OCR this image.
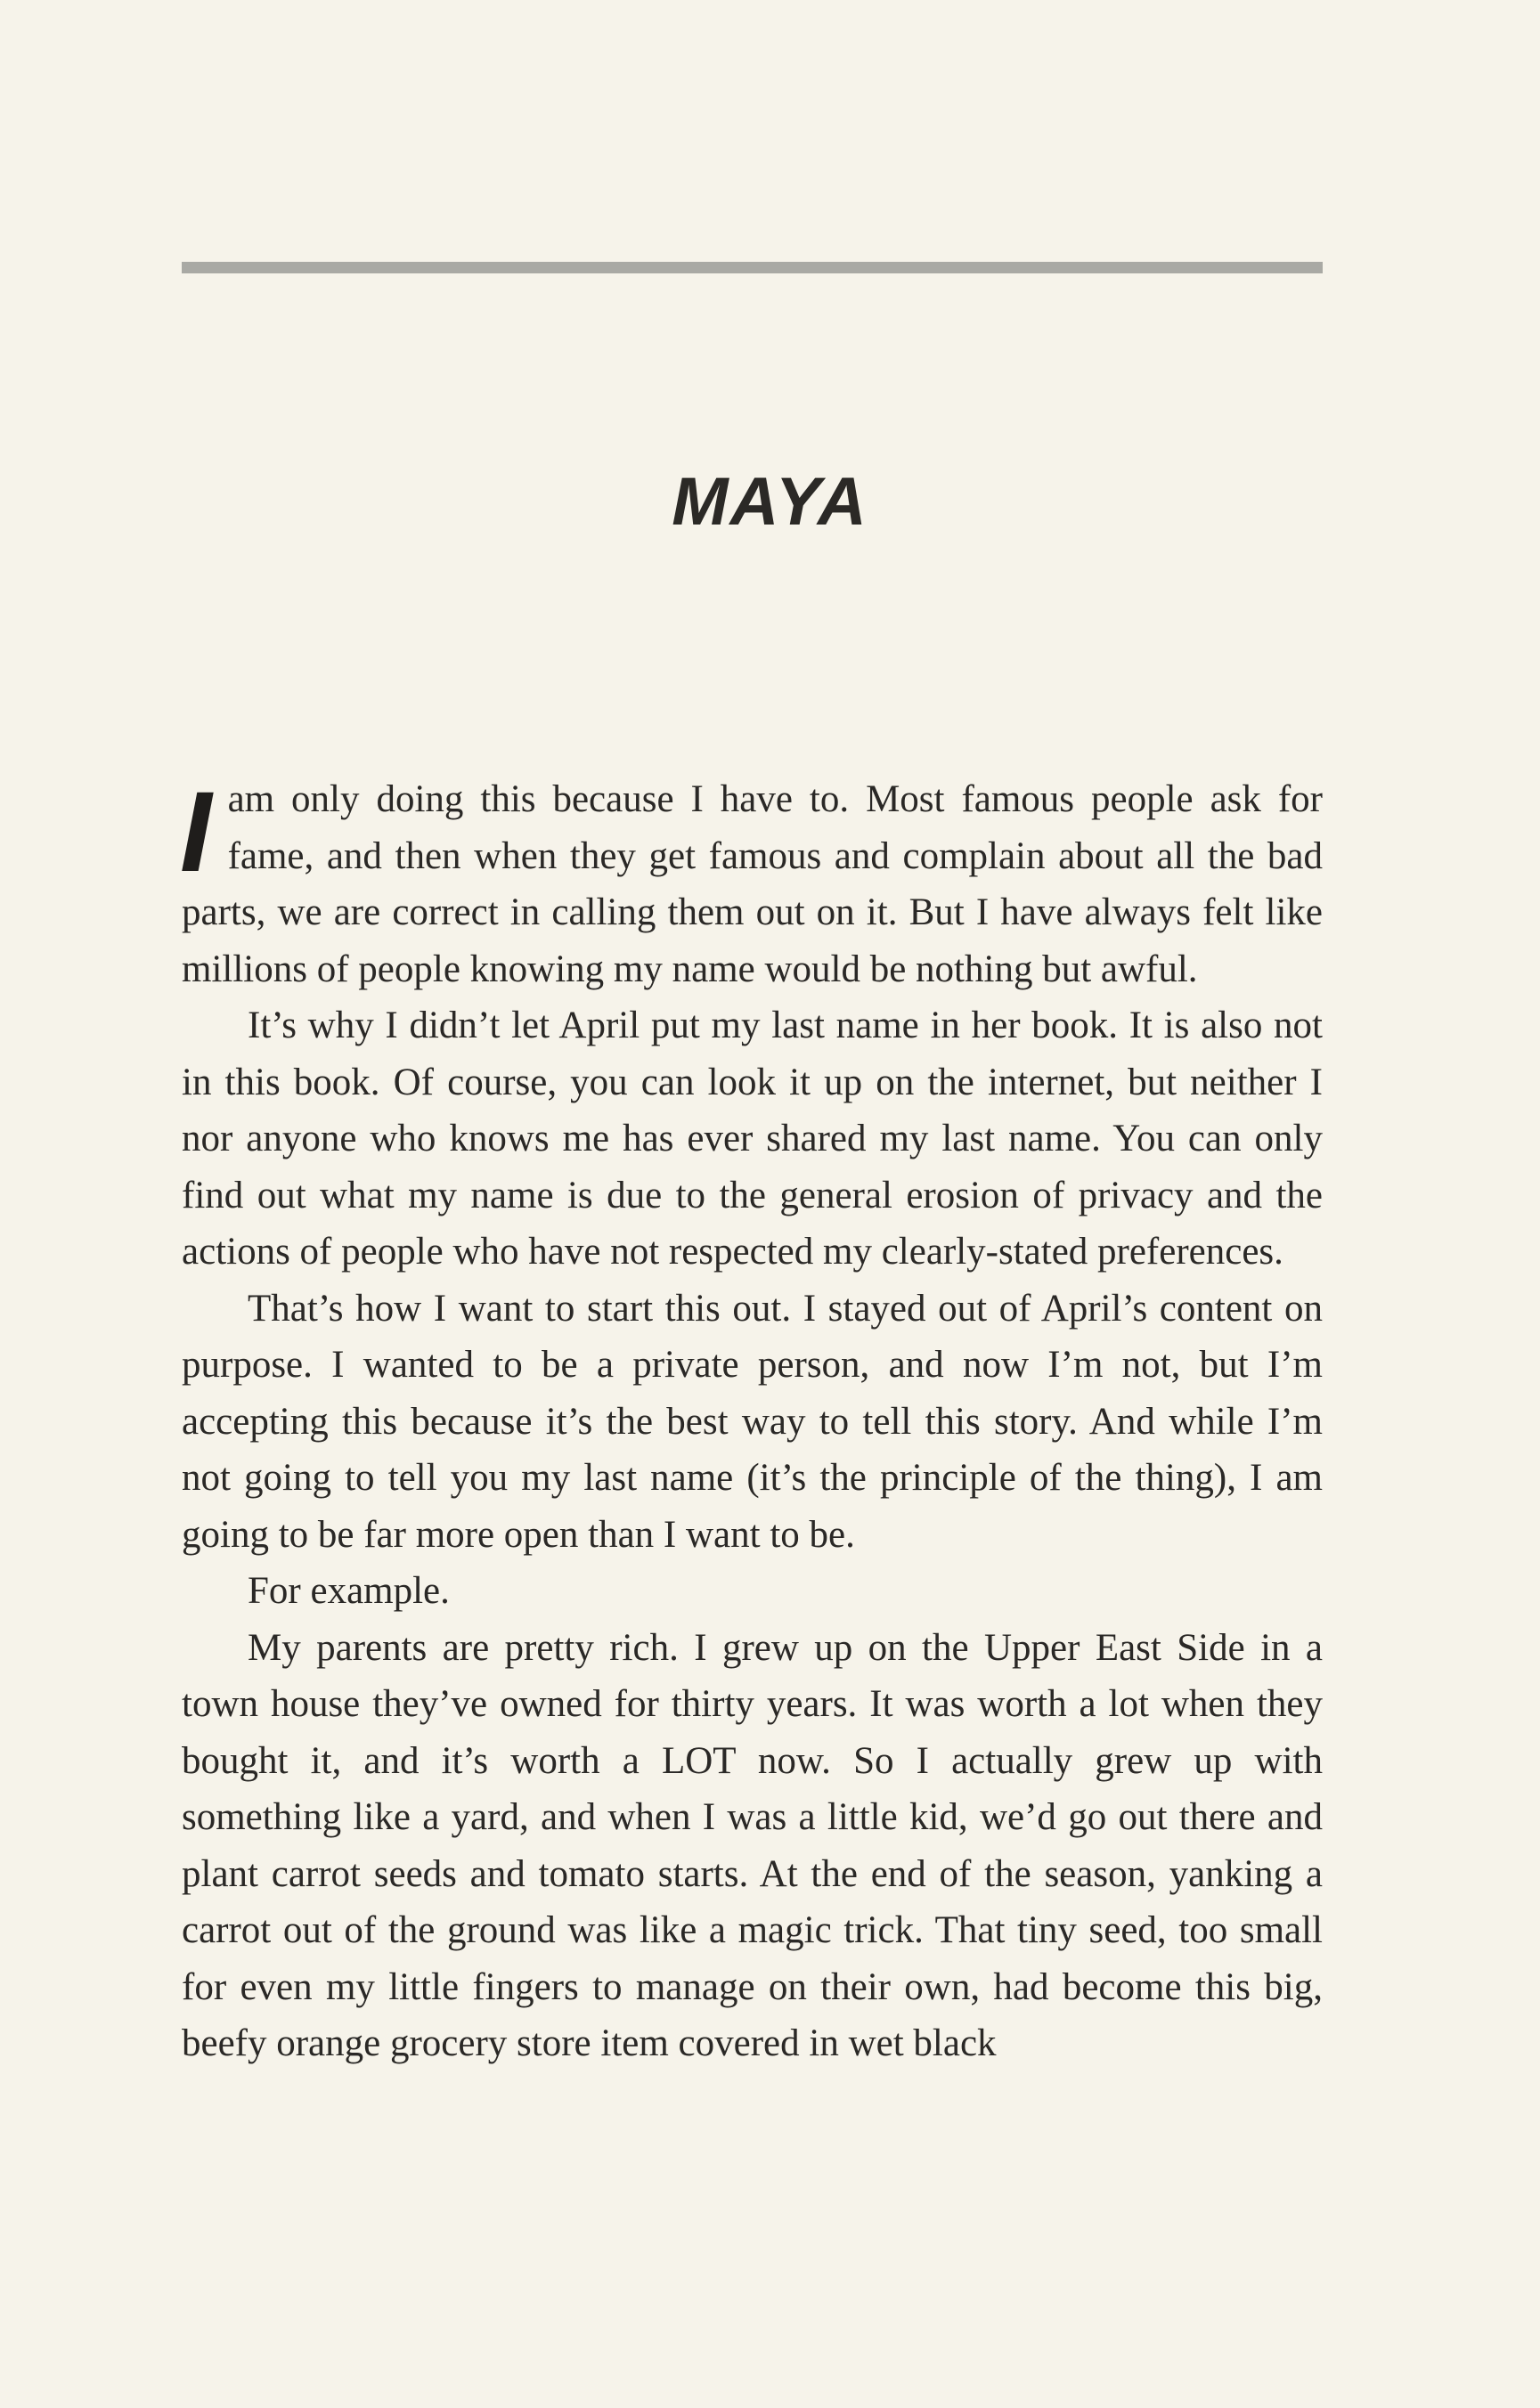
MAYA

Iam only doing this because I have to. Most famous people ask for fame, and then when they get famous and complain about all the bad parts, we are correct in calling them out on it. But I have always felt like millions of people knowing my name would be nothing but awful.

It’s why I didn’t let April put my last name in her book. It is also not in this book. Of course, you can look it up on the internet, but neither I nor anyone who knows me has ever shared my last name. You can only find out what my name is due to the general erosion of privacy and the actions of people who have not respected my clearly-stated preferences.

That’s how I want to start this out. I stayed out of April’s content on purpose. I wanted to be a private person, and now I’m not, but I’m accepting this because it’s the best way to tell this story. And while I’m not going to tell you my last name (it’s the principle of the thing), I am going to be far more open than I want to be.

For example.

My parents are pretty rich. I grew up on the Upper East Side in a town house they’ve owned for thirty years. It was worth a lot when they bought it, and it’s worth a LOT now. So I actually grew up with something like a yard, and when I was a little kid, we’d go out there and plant carrot seeds and tomato starts. At the end of the season, yanking a carrot out of the ground was like a magic trick. That tiny seed, too small for even my little fingers to manage on their own, had become this big, beefy orange grocery store item covered in wet black
